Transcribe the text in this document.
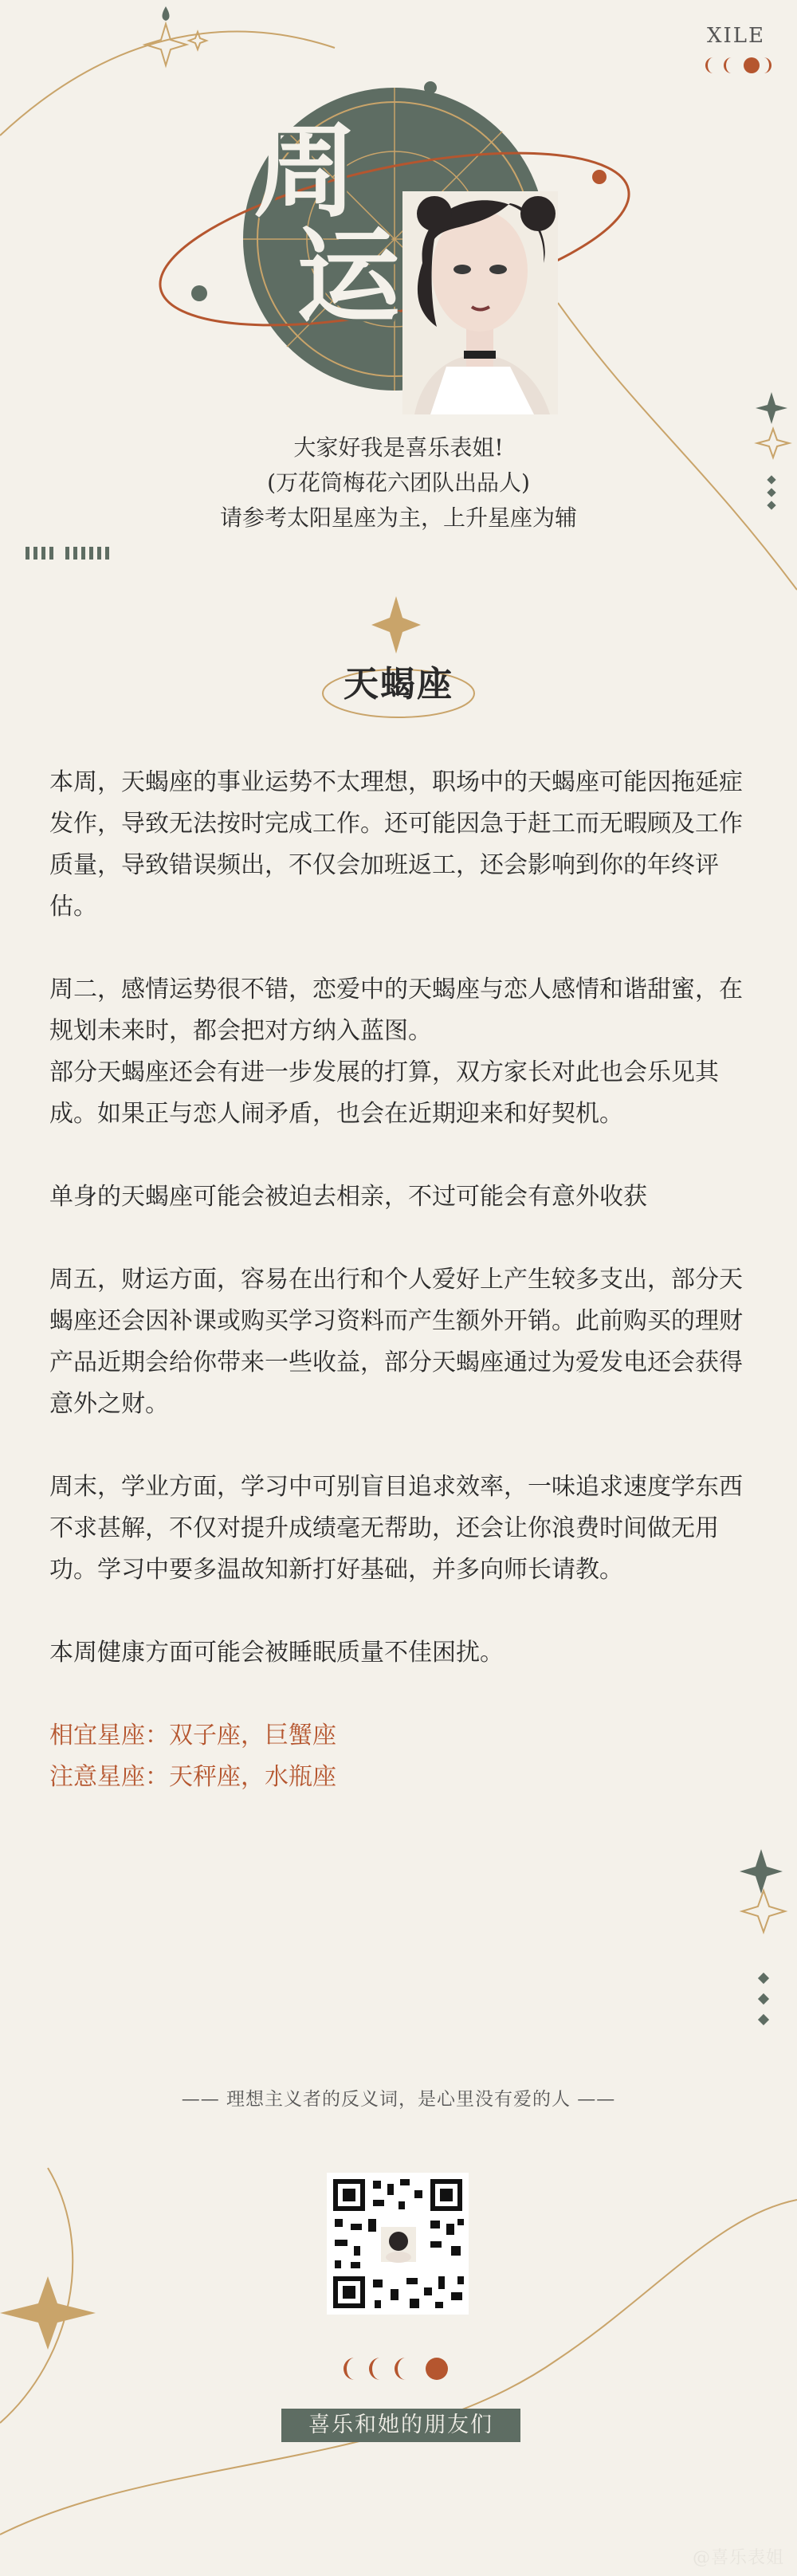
周
运
XILE
大家好我是喜乐表姐!
(万花筒梅花六团队出品人)
请参考太阳星座为主，上升星座为辅
天蝎座

本周，天蝎座的事业运势不太理想，职场中的天蝎座可能因拖延症发作，导致无法按时完成工作。还可能因急于赶工而无暇顾及工作质量，导致错误频出，不仅会加班返工，还会影响到你的年终评估。

周二，感情运势很不错，恋爱中的天蝎座与恋人感情和谐甜蜜，在规划未来时，都会把对方纳入蓝图。

部分天蝎座还会有进一步发展的打算，双方家长对此也会乐见其成。如果正与恋人闹矛盾，也会在近期迎来和好契机。

单身的天蝎座可能会被迫去相亲，不过可能会有意外收获

周五，财运方面，容易在出行和个人爱好上产生较多支出，部分天蝎座还会因补课或购买学习资料而产生额外开销。此前购买的理财产品近期会给你带来一些收益，部分天蝎座通过为爱发电还会获得意外之财。

周末，学业方面，学习中可别盲目追求效率，一味追求速度学东西不求甚解，不仅对提升成绩毫无帮助，还会让你浪费时间做无用功。学习中要多温故知新打好基础，并多向师长请教。

本周健康方面可能会被睡眠质量不佳困扰。

相宜星座：双子座，巨蟹座

注意星座：天秤座，水瓶座

—— 理想主义者的反义词，是心里没有爱的人 ——
喜乐和她的朋友们
@喜乐表姐
